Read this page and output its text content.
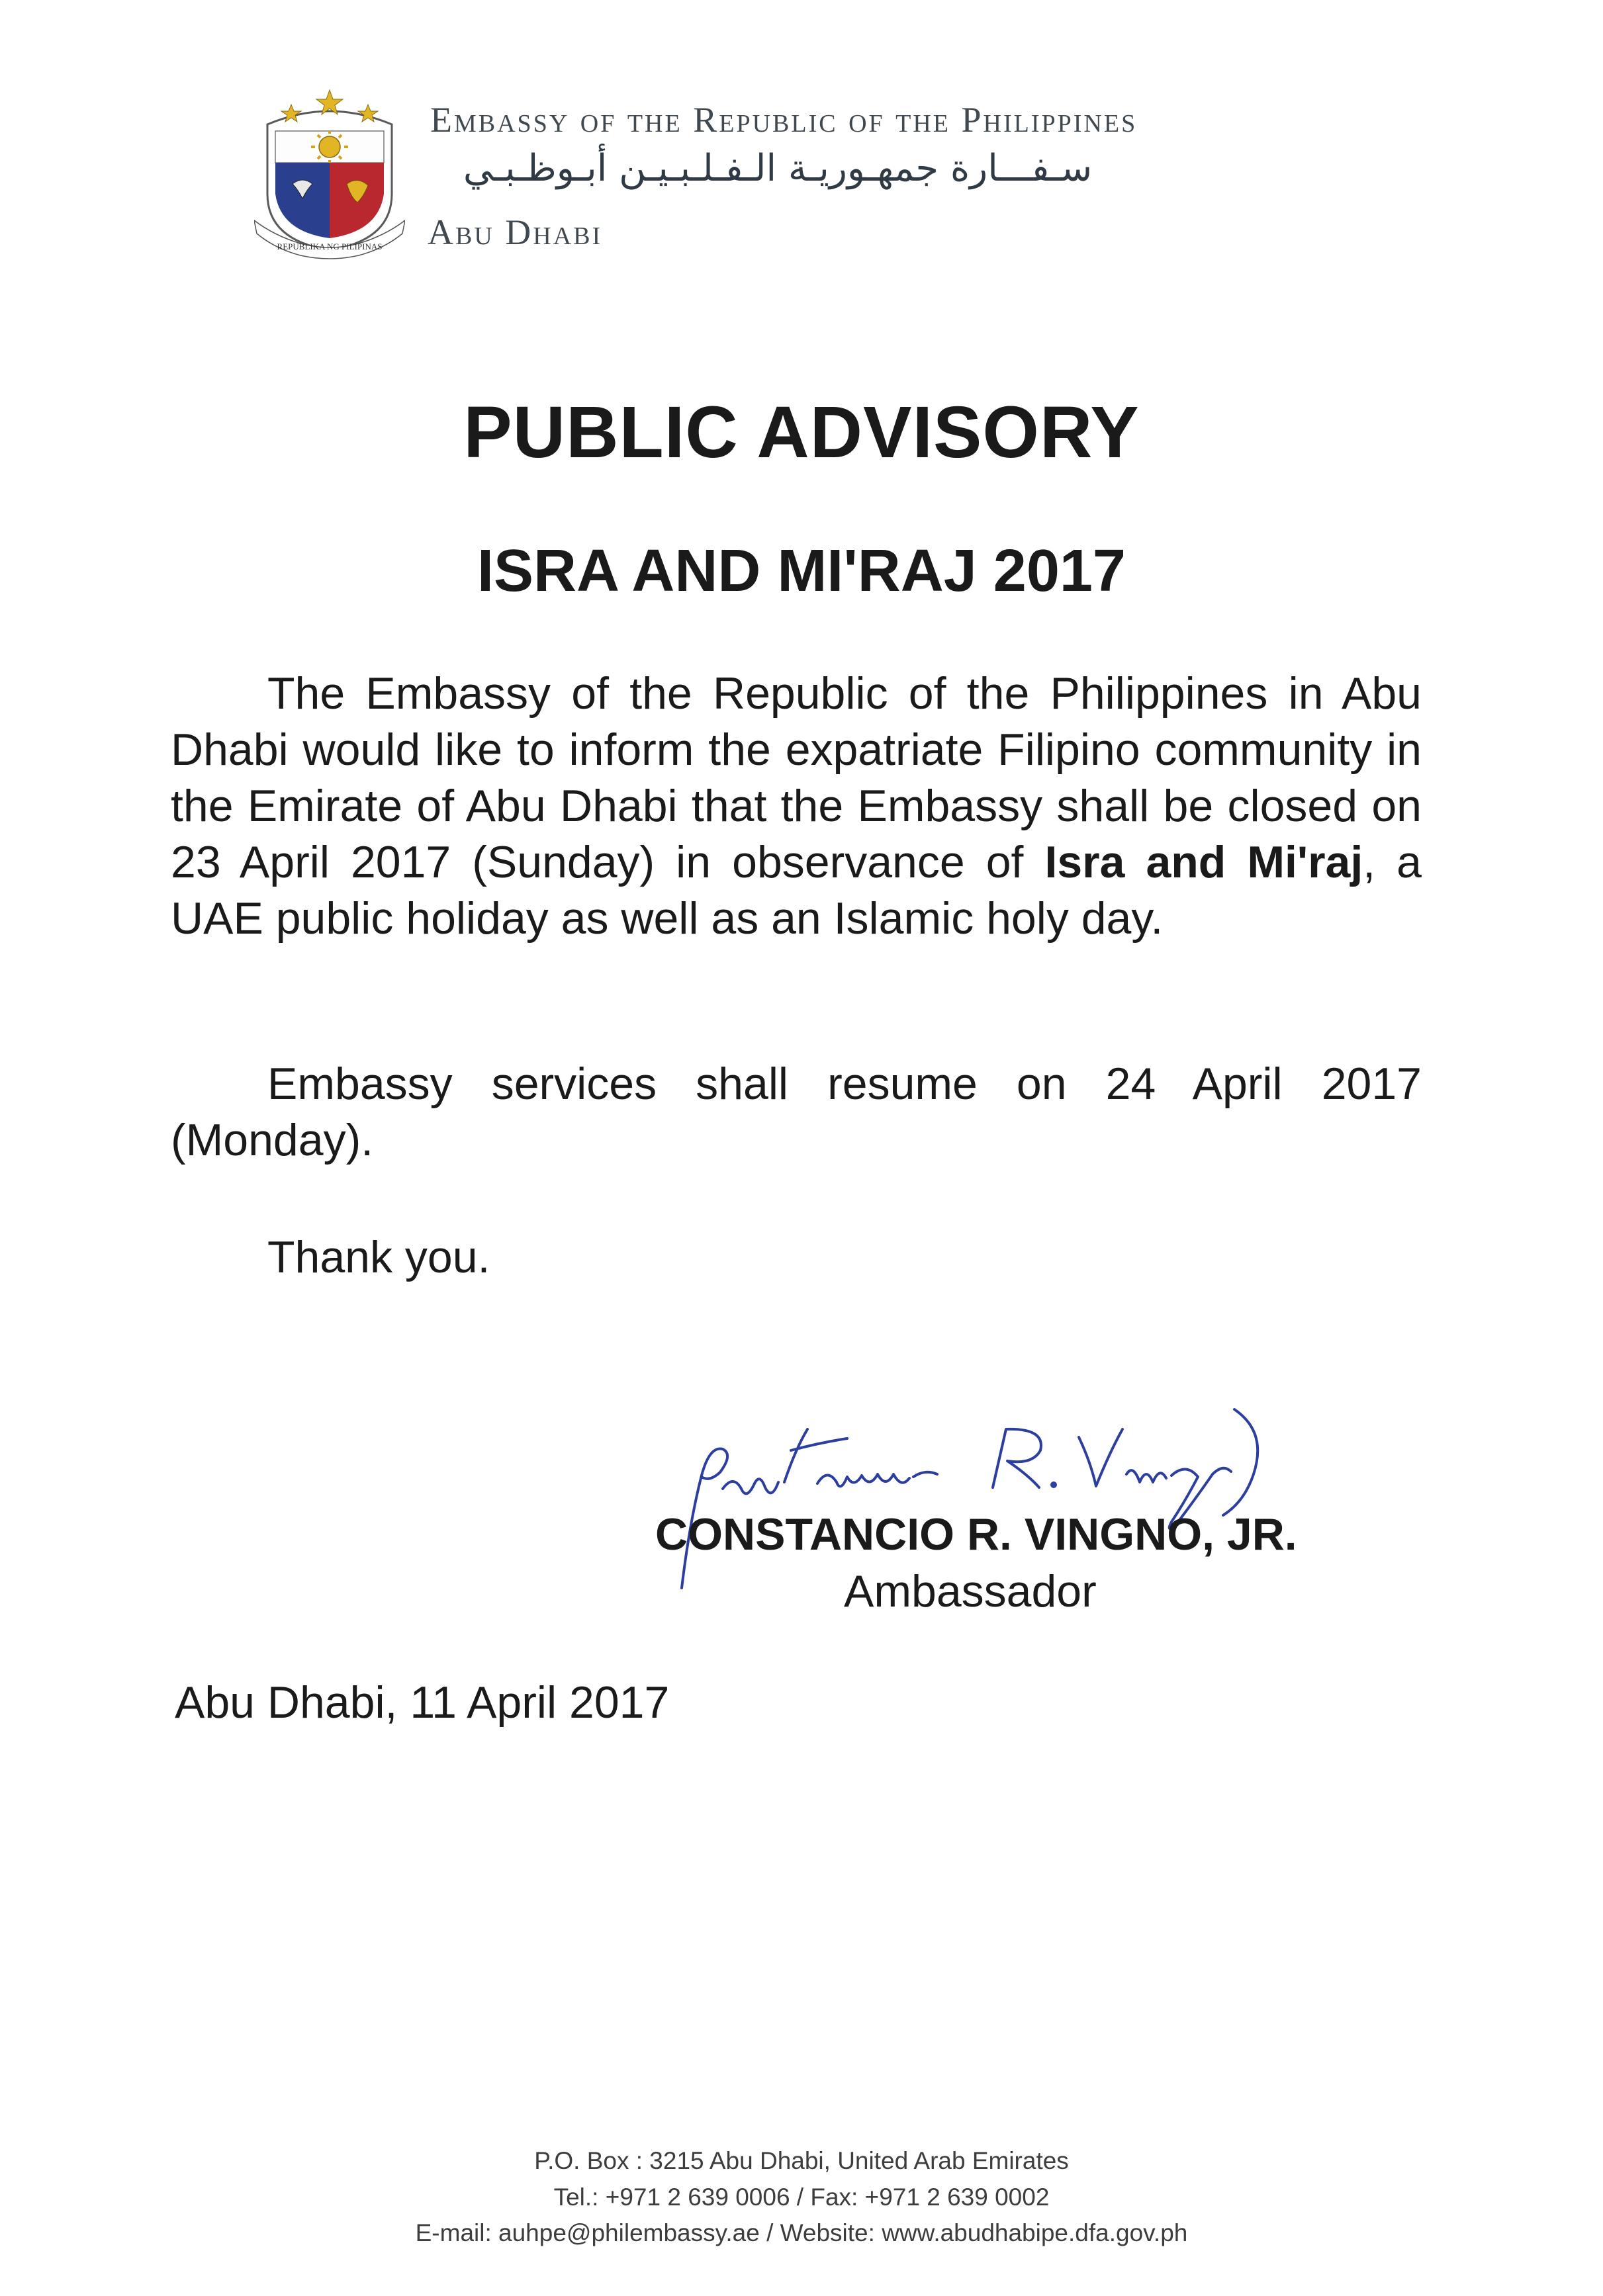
REPUBLIKA NG PILIPINAS
Embassy of the Republic of the Philippines
سـفـــارة جمهـوريـة الـفـلـبـيـن أبـوظـبـي
Abu Dhabi
PUBLIC ADVISORY
ISRA AND MI'RAJ 2017
The Embassy of the Republic of the Philippines in Abu Dhabi would like to inform the expatriate Filipino community in the Emirate of Abu Dhabi that the Embassy shall be closed on 23 April 2017 (Sunday) in observance of Isra and Mi'raj, a UAE public holiday as well as an Islamic holy day.
Embassy services shall resume on 24 April 2017 (Monday).
Thank you.
CONSTANCIO R. VINGNO, JR.
Ambassador
Abu Dhabi, 11 April 2017
P.O. Box : 3215 Abu Dhabi, United Arab Emirates
Tel.: +971 2 639 0006 / Fax: +971 2 639 0002
E-mail: auhpe@philembassy.ae / Website: www.abudhabipe.dfa.gov.ph
